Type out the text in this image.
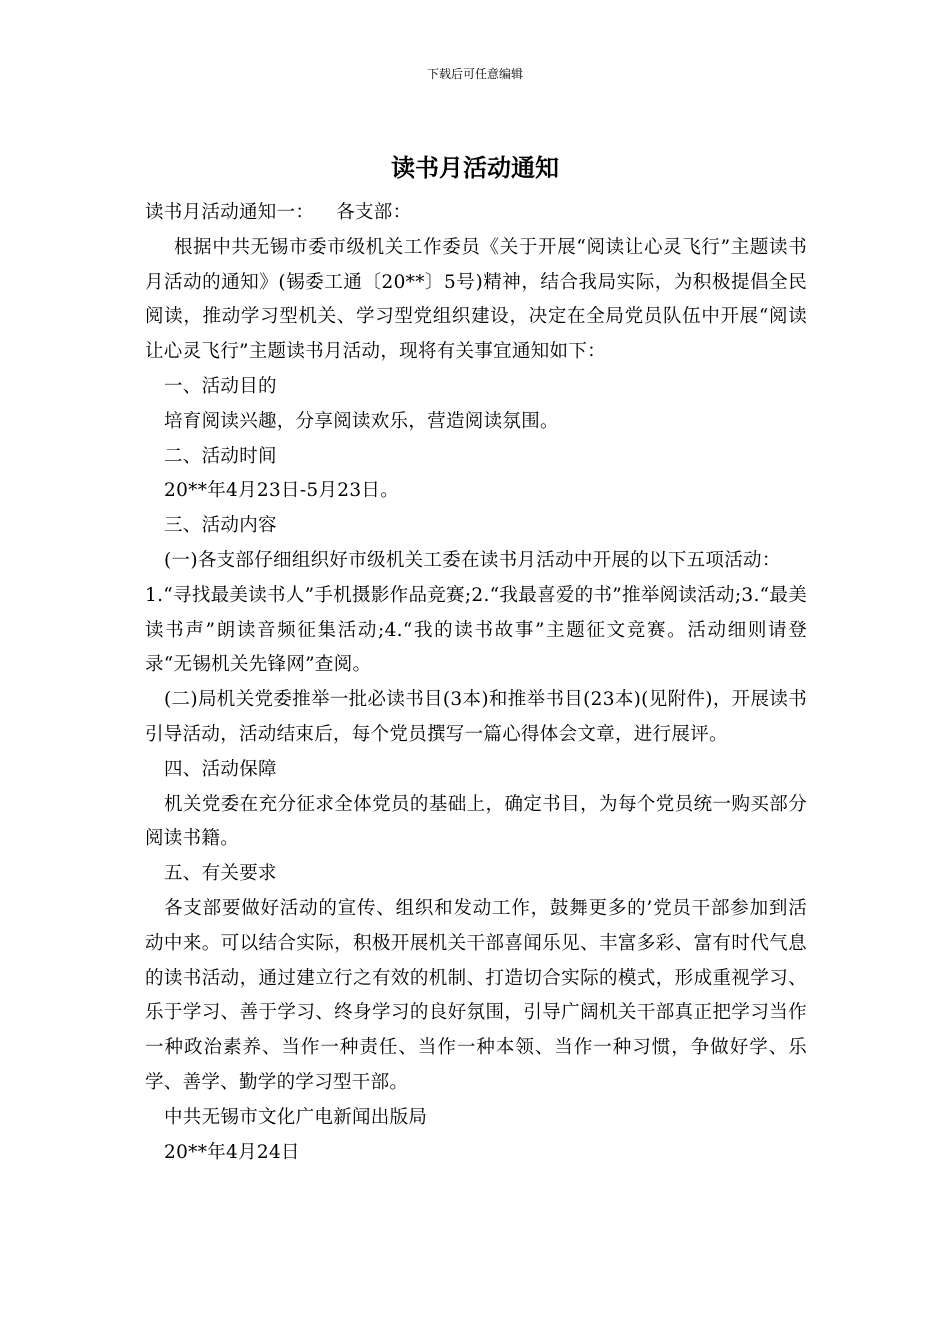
下载后可任意编辑
读书月活动通知

读书月活动通知一： 各支部：

根据中共无锡市委市级机关工作委员《关于开展“阅读让心灵飞行”主题读书月活动的通知》(锡委工通〔20**〕5号)精神，结合我局实际，为积极提倡全民阅读，推动学习型机关、学习型党组织建设，决定在全局党员队伍中开展“阅读让心灵飞行”主题读书月活动，现将有关事宜通知如下：

一、活动目的

培育阅读兴趣，分享阅读欢乐，营造阅读氛围。

二、活动时间

20**年4月23日-5月23日。

三、活动内容

(一)各支部仔细组织好市级机关工委在读书月活动中开展的以下五项活动：

1.“寻找最美读书人”手机摄影作品竞赛;2.“我最喜爱的书”推举阅读活动;3.“最美读书声”朗读音频征集活动;4.“我的读书故事”主题征文竞赛。活动细则请登录“无锡机关先锋网”查阅。

(二)局机关党委推举一批必读书目(3本)和推举书目(23本)(见附件)，开展读书引导活动，活动结束后，每个党员撰写一篇心得体会文章，进行展评。

四、活动保障

机关党委在充分征求全体党员的基础上，确定书目，为每个党员统一购买部分阅读书籍。

五、有关要求

各支部要做好活动的宣传、组织和发动工作，鼓舞更多的’党员干部参加到活动中来。可以结合实际，积极开展机关干部喜闻乐见、丰富多彩、富有时代气息的读书活动，通过建立行之有效的机制、打造切合实际的模式，形成重视学习、乐于学习、善于学习、终身学习的良好氛围，引导广阔机关干部真正把学习当作一种政治素养、当作一种责任、当作一种本领、当作一种习惯，争做好学、乐学、善学、勤学的学习型干部。

中共无锡市文化广电新闻出版局

20**年4月24日
